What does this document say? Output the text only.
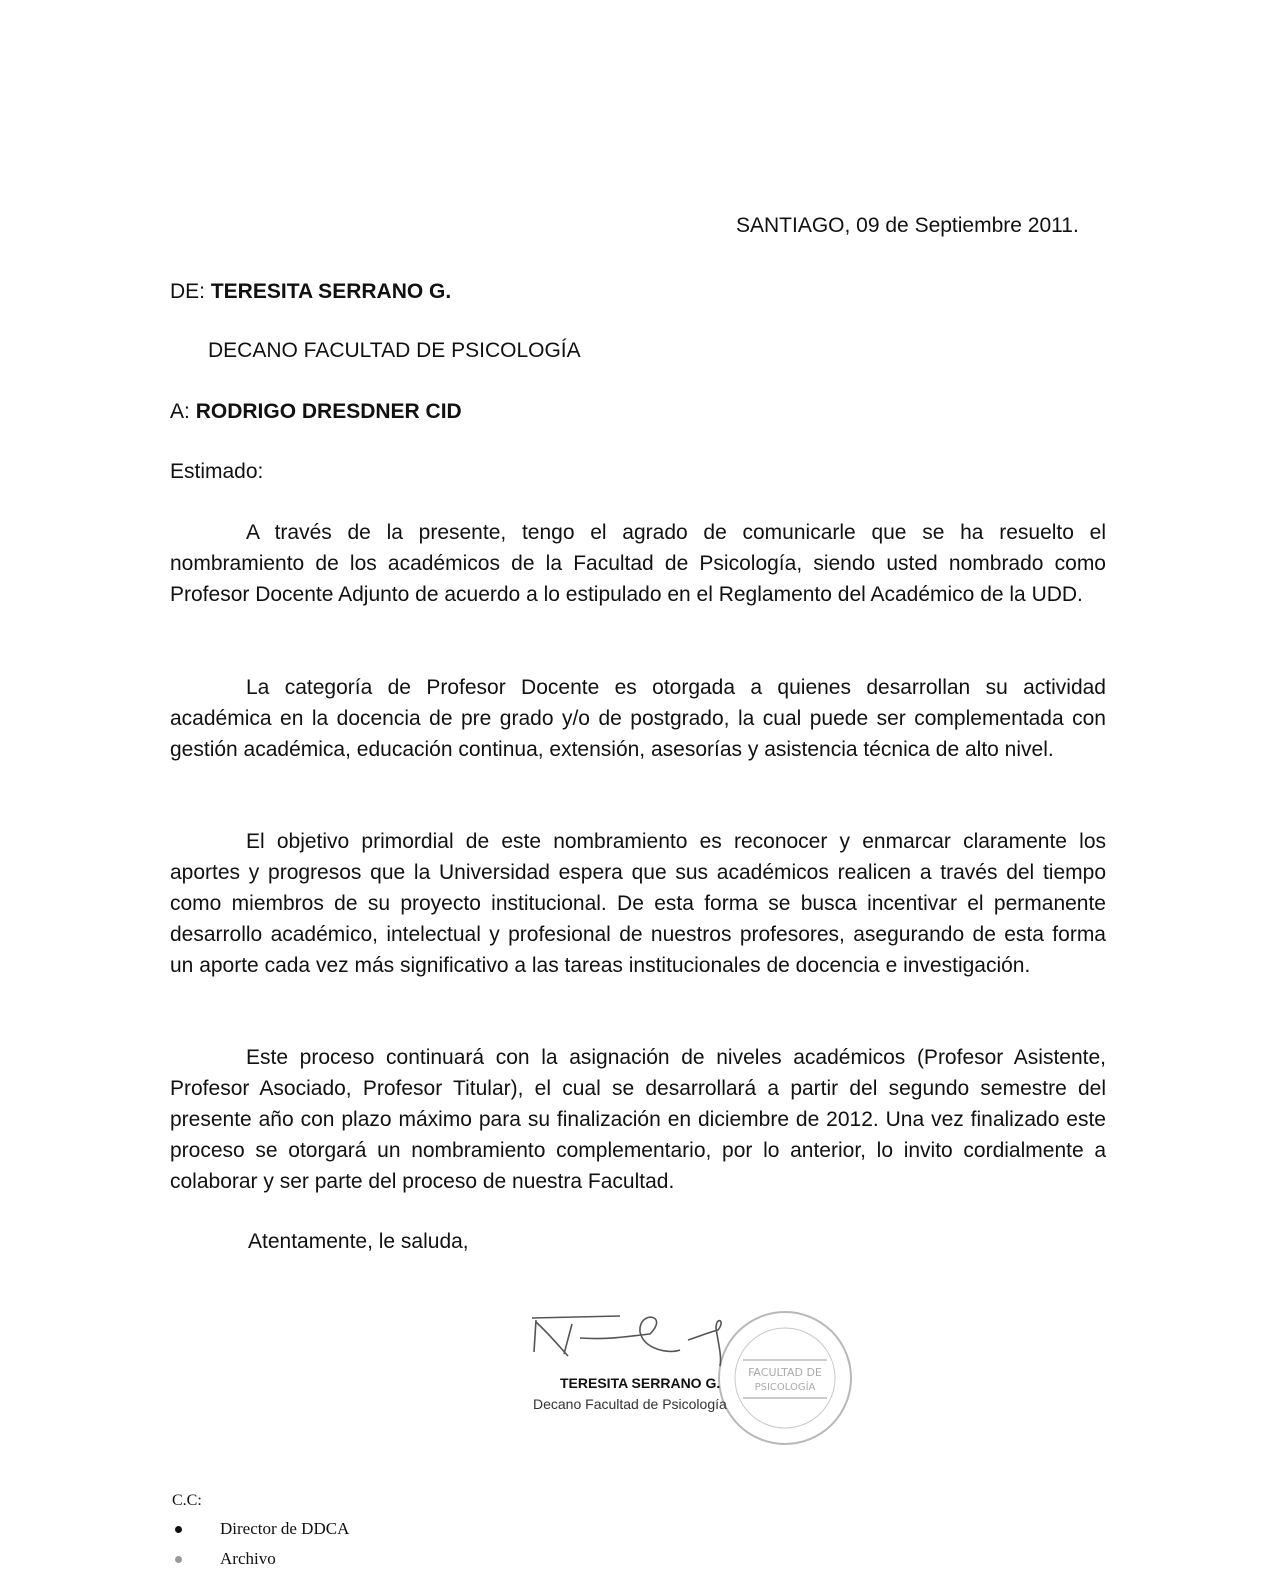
SANTIAGO, 09 de Septiembre 2011.
DE: TERESITA SERRANO G.
DECANO FACULTAD DE PSICOLOGÍA
A: RODRIGO DRESDNER CID
Estimado:
A través de la presente, tengo el agrado de comunicarle que se ha resuelto el nombramiento de los académicos de la Facultad de Psicología, siendo usted nombrado como Profesor Docente Adjunto de acuerdo a lo estipulado en el Reglamento del Académico de la UDD.
La categoría de Profesor Docente es otorgada a quienes desarrollan su actividad académica en la docencia de pre grado y/o de postgrado, la cual puede ser complementada con gestión académica, educación continua, extensión, asesorías y asistencia técnica de alto nivel.
El objetivo primordial de este nombramiento es reconocer y enmarcar claramente los aportes y progresos que la Universidad espera que sus académicos realicen a través del tiempo como miembros de su proyecto institucional. De esta forma se busca incentivar el permanente desarrollo académico, intelectual y profesional de nuestros profesores, asegurando de esta forma un aporte cada vez más significativo a las tareas institucionales de docencia e investigación.
Este proceso continuará con la asignación de niveles académicos (Profesor Asistente, Profesor Asociado, Profesor Titular), el cual se desarrollará a partir del segundo semestre del presente año con plazo máximo para su finalización en diciembre de 2012. Una vez finalizado este proceso se otorgará un nombramiento complementario, por lo anterior, lo invito cordialmente a colaborar y ser parte del proceso de nuestra Facultad.
Atentamente, le saluda,
FACULTAD DE
PSICOLOGÍA
TERESITA SERRANO G.
Decano Facultad de Psicología
C.C:
Director de DDCA
Archivo
